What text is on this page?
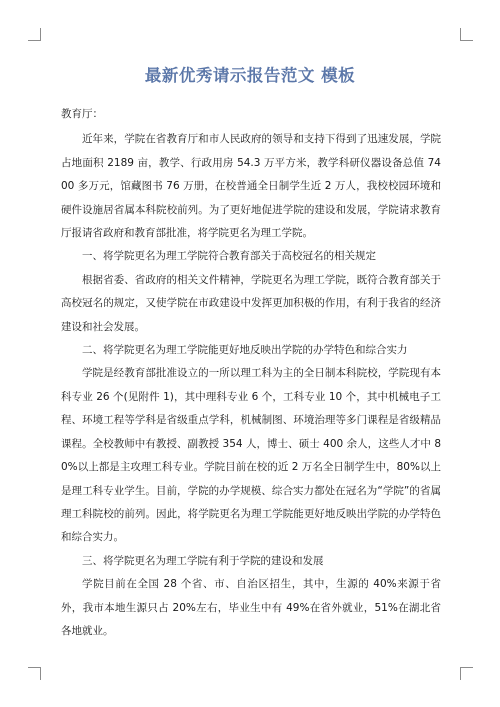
最新优秀请示报告范文 模板

教育厅：

近年来，学院在省教育厅和市人民政府的领导和支持下得到了迅速发展，学院占地面积 2189 亩，教学、行政用房 54.3 万平方米，教学科研仪器设备总值 7400 多万元，馆藏图书 76 万册，在校普通全日制学生近 2 万人，我校校园环境和硬件设施居省属本科院校前列。为了更好地促进学院的建设和发展，学院请求教育厅报请省政府和教育部批准，将学院更名为理工学院。

一、将学院更名为理工学院符合教育部关于高校冠名的相关规定

根据省委、省政府的相关文件精神，学院更名为理工学院，既符合教育部关于高校冠名的规定，又使学院在市政建设中发挥更加积极的作用，有利于我省的经济建设和社会发展。

二、将学院更名为理工学院能更好地反映出学院的办学特色和综合实力

学院是经教育部批准设立的一所以理工科为主的全日制本科院校，学院现有本科专业 26 个(见附件 1)，其中理科专业 6 个，工科专业 10 个，其中机械电子工程、环境工程等学科是省级重点学科，机械制图、环境治理等多门课程是省级精品课程。全校教师中有教授、副教授 354 人，博士、硕士 400 余人，这些人才中 80%以上都是主攻理工科专业。学院目前在校的近 2 万名全日制学生中，80%以上是理工科专业学生。目前，学院的办学规模、综合实力都处在冠名为“学院”的省属理工科院校的前列。因此，将学院更名为理工学院能更好地反映出学院的办学特色和综合实力。

三、将学院更名为理工学院有利于学院的建设和发展

学院目前在全国 28 个省、市、自治区招生，其中，生源的 40%来源于省外，我市本地生源只占 20%左右，毕业生中有 49%在省外就业，51%在湖北省各地就业。
